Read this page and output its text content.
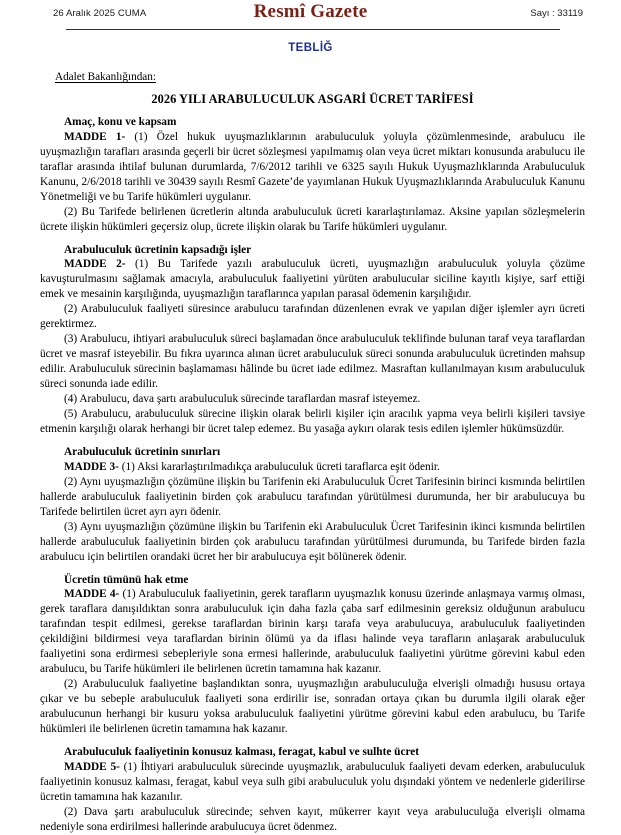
26 Aralık 2025 CUMA	Resmî Gazete	Sayı : 33119
TEBLİĞ
Adalet Bakanlığından:
2026 YILI ARABULUCULUK ASGARİ ÜCRET TARİFESİ
Amaç, konu ve kapsam
MADDE 1- (1) Özel hukuk uyuşmazlıklarının arabuluculuk yoluyla çözümlenmesinde, arabulucu ile uyuşmazlığın tarafları arasında geçerli bir ücret sözleşmesi yapılmamış olan veya ücret miktarı konusunda arabulucu ile taraflar arasında ihtilaf bulunan durumlarda, 7/6/2012 tarihli ve 6325 sayılı Hukuk Uyuşmazlıklarında Arabuluculuk Kanunu, 2/6/2018 tarihli ve 30439 sayılı Resmî Gazete’de yayımlanan Hukuk Uyuşmazlıklarında Arabuluculuk Kanunu Yönetmeliği ve bu Tarife hükümleri uygulanır.
(2) Bu Tarifede belirlenen ücretlerin altında arabuluculuk ücreti kararlaştırılamaz. Aksine yapılan sözleşmelerin ücrete ilişkin hükümleri geçersiz olup, ücrete ilişkin olarak bu Tarife hükümleri uygulanır.
Arabuluculuk ücretinin kapsadığı işler
MADDE 2- (1) Bu Tarifede yazılı arabuluculuk ücreti, uyuşmazlığın arabuluculuk yoluyla çözüme kavuşturulmasını sağlamak amacıyla, arabuluculuk faaliyetini yürüten arabulucular siciline kayıtlı kişiye, sarf ettiği emek ve mesainin karşılığında, uyuşmazlığın taraflarınca yapılan parasal ödemenin karşılığıdır.
(2) Arabuluculuk faaliyeti süresince arabulucu tarafından düzenlenen evrak ve yapılan diğer işlemler ayrı ücreti gerektirmez.
(3) Arabulucu, ihtiyari arabuluculuk süreci başlamadan önce arabuluculuk teklifinde bulunan taraf veya taraflardan ücret ve masraf isteyebilir. Bu fıkra uyarınca alınan ücret arabuluculuk süreci sonunda arabuluculuk ücretinden mahsup edilir. Arabuluculuk sürecinin başlamaması hâlinde bu ücret iade edilmez. Masraftan kullanılmayan kısım arabuluculuk süreci sonunda iade edilir.
(4) Arabulucu, dava şartı arabuluculuk sürecinde taraflardan masraf isteyemez.
(5) Arabulucu, arabuluculuk sürecine ilişkin olarak belirli kişiler için aracılık yapma veya belirli kişileri tavsiye etmenin karşılığı olarak herhangi bir ücret talep edemez. Bu yasağa aykırı olarak tesis edilen işlemler hükümsüzdür.
Arabuluculuk ücretinin sınırları
MADDE 3- (1) Aksi kararlaştırılmadıkça arabuluculuk ücreti taraflarca eşit ödenir.
(2) Aynı uyuşmazlığın çözümüne ilişkin bu Tarifenin eki Arabuluculuk Ücret Tarifesinin birinci kısmında belirtilen hallerde arabuluculuk faaliyetinin birden çok arabulucu tarafından yürütülmesi durumunda, her bir arabulucuya bu Tarifede belirtilen ücret ayrı ayrı ödenir.
(3) Aynı uyuşmazlığın çözümüne ilişkin bu Tarifenin eki Arabuluculuk Ücret Tarifesinin ikinci kısmında belirtilen hallerde arabuluculuk faaliyetinin birden çok arabulucu tarafından yürütülmesi durumunda, bu Tarifede birden fazla arabulucu için belirtilen orandaki ücret her bir arabulucuya eşit bölünerek ödenir.
Ücretin tümünü hak etme
MADDE 4- (1) Arabuluculuk faaliyetinin, gerek tarafların uyuşmazlık konusu üzerinde anlaşmaya varmış olması, gerek taraflara danışıldıktan sonra arabuluculuk için daha fazla çaba sarf edilmesinin gereksiz olduğunun arabulucu tarafından tespit edilmesi, gerekse taraflardan birinin karşı tarafa veya arabulucuya, arabuluculuk faaliyetinden çekildiğini bildirmesi veya taraflardan birinin ölümü ya da iflası halinde veya tarafların anlaşarak arabuluculuk faaliyetini sona erdirmesi sebepleriyle sona ermesi hallerinde, arabuluculuk faaliyetini yürütme görevini kabul eden arabulucu, bu Tarife hükümleri ile belirlenen ücretin tamamına hak kazanır.
(2) Arabuluculuk faaliyetine başlandıktan sonra, uyuşmazlığın arabuluculuğa elverişli olmadığı hususu ortaya çıkar ve bu sebeple arabuluculuk faaliyeti sona erdirilir ise, sonradan ortaya çıkan bu durumla ilgili olarak eğer arabulucunun herhangi bir kusuru yoksa arabuluculuk faaliyetini yürütme görevini kabul eden arabulucu, bu Tarife hükümleri ile belirlenen ücretin tamamına hak kazanır.
Arabuluculuk faaliyetinin konusuz kalması, feragat, kabul ve sulhte ücret
MADDE 5- (1) İhtiyari arabuluculuk sürecinde uyuşmazlık, arabuluculuk faaliyeti devam ederken, arabuluculuk faaliyetinin konusuz kalması, feragat, kabul veya sulh gibi arabuluculuk yolu dışındaki yöntem ve nedenlerle giderilirse ücretin tamamına hak kazanılır.
(2) Dava şartı arabuluculuk sürecinde; sehven kayıt, mükerrer kayıt veya arabuluculuğa elverişli olmama nedeniyle sona erdirilmesi hallerinde arabulucuya ücret ödenmez.
